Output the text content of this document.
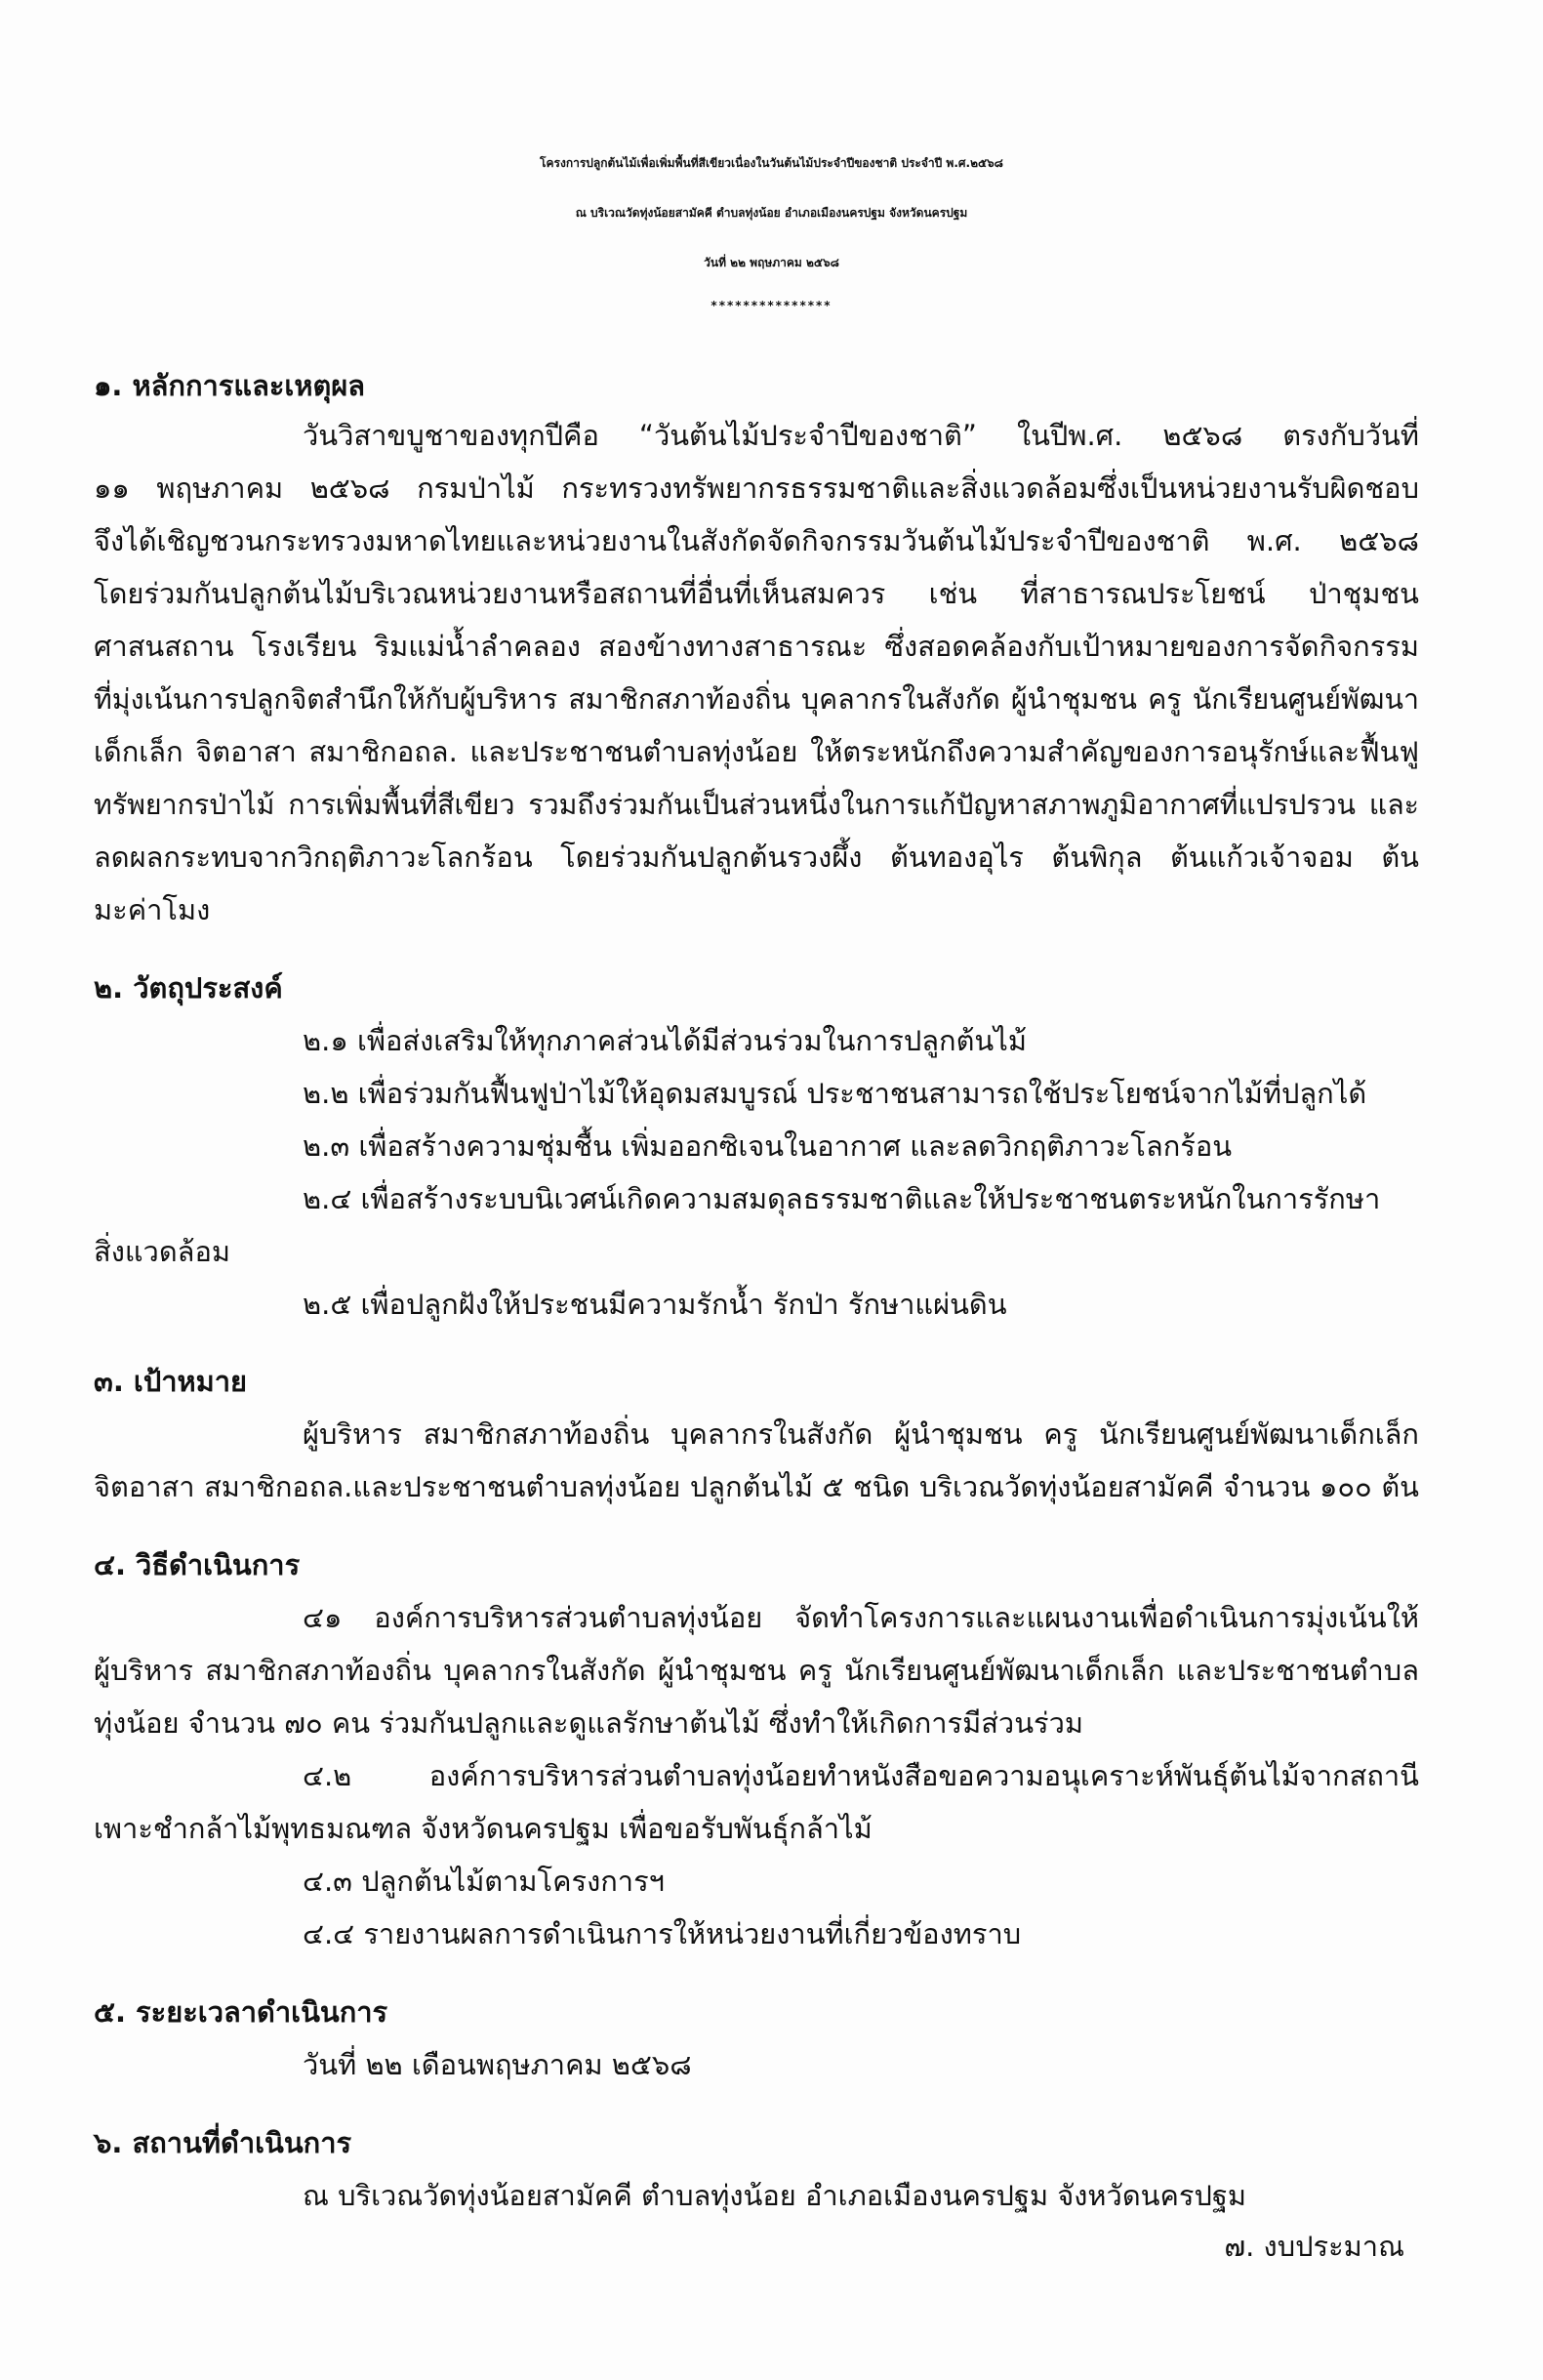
โครงการปลูกต้นไม้เพื่อเพิ่มพื้นที่สีเขียวเนื่องในวันต้นไม้ประจำปีของชาติ ประจำปี พ.ศ.๒๕๖๘
ณ บริเวณวัดทุ่งน้อยสามัคคี ตำบลทุ่งน้อย อำเภอเมืองนครปฐม จังหวัดนครปฐม
วันที่ ๒๒ พฤษภาคม ๒๕๖๘
***************
๑. หลักการและเหตุผล
วันวิสาขบูชาของทุกปีคือ “วันต้นไม้ประจำปีของชาติ” ในปีพ.ศ. ๒๕๖๘ ตรงกับวันที่
๑๑ พฤษภาคม ๒๕๖๘ กรมป่าไม้ กระทรวงทรัพยากรธรรมชาติและสิ่งแวดล้อมซึ่งเป็นหน่วยงานรับผิดชอบ
จึงได้เชิญชวนกระทรวงมหาดไทยและหน่วยงานในสังกัดจัดกิจกรรมวันต้นไม้ประจำปีของชาติ พ.ศ. ๒๕๖๘
โดยร่วมกันปลูกต้นไม้บริเวณหน่วยงานหรือสถานที่อื่นที่เห็นสมควร เช่น ที่สาธารณประโยชน์ ป่าชุมชน
ศาสนสถาน โรงเรียน ริมแม่น้ำลำคลอง สองข้างทางสาธารณะ ซึ่งสอดคล้องกับเป้าหมายของการจัดกิจกรรม
ที่มุ่งเน้นการปลูกจิตสำนึกให้กับผู้บริหาร สมาชิกสภาท้องถิ่น บุคลากรในสังกัด ผู้นำชุมชน ครู นักเรียนศูนย์พัฒนา
เด็กเล็ก จิตอาสา สมาชิกอถล. และประชาชนตำบลทุ่งน้อย ให้ตระหนักถึงความสำคัญของการอนุรักษ์และฟื้นฟู
ทรัพยากรป่าไม้ การเพิ่มพื้นที่สีเขียว รวมถึงร่วมกันเป็นส่วนหนึ่งในการแก้ปัญหาสภาพภูมิอากาศที่แปรปรวน และ
ลดผลกระทบจากวิกฤติภาวะโลกร้อน โดยร่วมกันปลูกต้นรวงผึ้ง ต้นทองอุไร ต้นพิกุล ต้นแก้วเจ้าจอม ต้น
มะค่าโมง
๒. วัตถุประสงค์
๒.๑ เพื่อส่งเสริมให้ทุกภาคส่วนได้มีส่วนร่วมในการปลูกต้นไม้
๒.๒ เพื่อร่วมกันฟื้นฟูป่าไม้ให้อุดมสมบูรณ์ ประชาชนสามารถใช้ประโยชน์จากไม้ที่ปลูกได้
๒.๓ เพื่อสร้างความชุ่มชื้น เพิ่มออกซิเจนในอากาศ และลดวิกฤติภาวะโลกร้อน
๒.๔ เพื่อสร้างระบบนิเวศน์เกิดความสมดุลธรรมชาติและให้ประชาชนตระหนักในการรักษา
สิ่งแวดล้อม
๒.๕ เพื่อปลูกฝังให้ประชนมีความรักน้ำ รักป่า รักษาแผ่นดิน
๓. เป้าหมาย
ผู้บริหาร สมาชิกสภาท้องถิ่น บุคลากรในสังกัด ผู้นำชุมชน ครู นักเรียนศูนย์พัฒนาเด็กเล็ก
จิตอาสา สมาชิกอถล.และประชาชนตำบลทุ่งน้อย ปลูกต้นไม้ ๕ ชนิด บริเวณวัดทุ่งน้อยสามัคคี จำนวน ๑๐๐ ต้น
๔. วิธีดำเนินการ
๔๑ องค์การบริหารส่วนตำบลทุ่งน้อย จัดทำโครงการและแผนงานเพื่อดำเนินการมุ่งเน้นให้
ผู้บริหาร สมาชิกสภาท้องถิ่น บุคลากรในสังกัด ผู้นำชุมชน ครู นักเรียนศูนย์พัฒนาเด็กเล็ก และประชาชนตำบล
ทุ่งน้อย จำนวน ๗๐ คน ร่วมกันปลูกและดูแลรักษาต้นไม้ ซึ่งทำให้เกิดการมีส่วนร่วม
๔.๒ องค์การบริหารส่วนตำบลทุ่งน้อยทำหนังสือขอความอนุเคราะห์พันธุ์ต้นไม้จากสถานี
เพาะชำกล้าไม้พุทธมณฑล จังหวัดนครปฐม เพื่อขอรับพันธุ์กล้าไม้
๔.๓ ปลูกต้นไม้ตามโครงการฯ
๔.๔ รายงานผลการดำเนินการให้หน่วยงานที่เกี่ยวข้องทราบ
๕. ระยะเวลาดำเนินการ
วันที่ ๒๒ เดือนพฤษภาคม ๒๕๖๘
๖. สถานที่ดำเนินการ
ณ บริเวณวัดทุ่งน้อยสามัคคี ตำบลทุ่งน้อย อำเภอเมืองนครปฐม จังหวัดนครปฐม
๗. งบประมาณ
